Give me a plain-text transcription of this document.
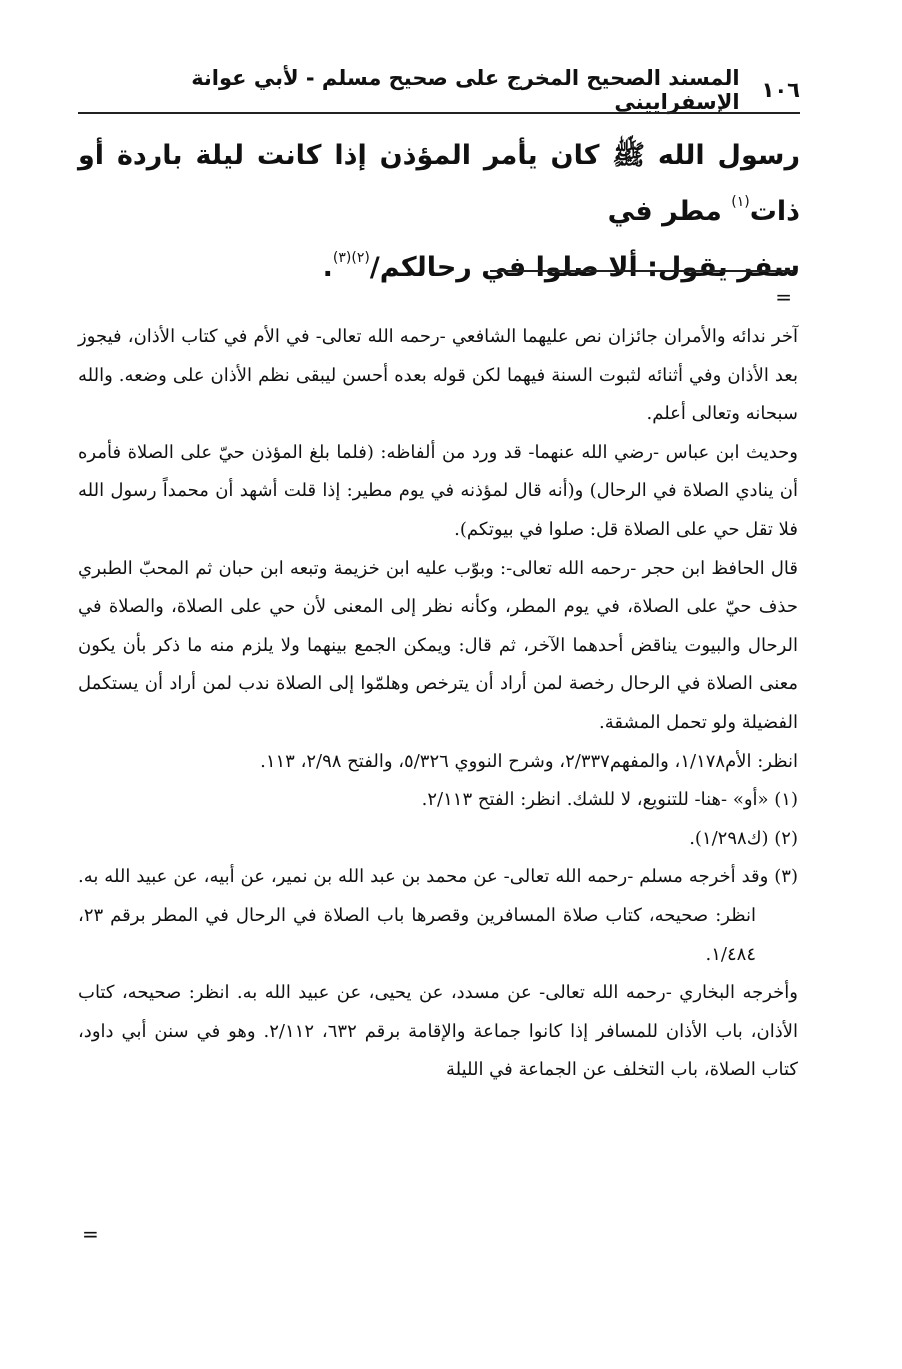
١٠٦
المسند الصحيح المخرج على صحيح مسلم - لأبي عوانة الإسفراييني
رسول الله ﷺ كان يأمر المؤذن إذا كانت ليلة باردة أو ذات$^{(١)}$ مطر في
سفر يقول: ألا صلوا في رحالكم/$^{(٢)(٣)}$.
=

آخر ندائه والأمران جائزان نص عليهما الشافعي -رحمه الله تعالى- في الأم في كتاب الأذان، فيجوز بعد الأذان وفي أثنائه لثبوت السنة فيهما لكن قوله بعده أحسن ليبقى نظم الأذان على وضعه. والله سبحانه وتعالى أعلم.

وحديث ابن عباس -رضي الله عنهما- قد ورد من ألفاظه: (فلما بلغ المؤذن حيّ على الصلاة فأمره أن ينادي الصلاة في الرحال) و(أنه قال لمؤذنه في يوم مطير: إذا قلت أشهد أن محمداً رسول الله فلا تقل حي على الصلاة قل: صلوا في بيوتكم).

قال الحافظ ابن حجر -رحمه الله تعالى-: وبوّب عليه ابن خزيمة وتبعه ابن حبان ثم المحبّ الطبري حذف حيّ على الصلاة، في يوم المطر، وكأنه نظر إلى المعنى لأن حي على الصلاة، والصلاة في الرحال والبيوت يناقض أحدهما الآخر، ثم قال: ويمكن الجمع بينهما ولا يلزم منه ما ذكر بأن يكون معنى الصلاة في الرحال رخصة لمن أراد أن يترخص وهلمّوا إلى الصلاة ندب لمن أراد أن يستكمل الفضيلة ولو تحمل المشقة.

انظر: الأم١/١٧٨، والمفهم٢/٣٣٧، وشرح النووي ٥/٣٢٦، والفتح ٢/٩٨، ١١٣.

(١) «أو» -هنا- للتنويع، لا للشك. انظر: الفتح ٢/١١٣.

(٢) (ك١/٢٩٨).

(٣) وقد أخرجه مسلم -رحمه الله تعالى- عن محمد بن عبد الله بن نمير، عن أبيه، عن عبيد الله به. انظر: صحيحه، كتاب صلاة المسافرين وقصرها باب الصلاة في الرحال في المطر برقم ٢٣، ١/٤٨٤.

وأخرجه البخاري -رحمه الله تعالى- عن مسدد، عن يحيى، عن عبيد الله به. انظر: صحيحه، كتاب الأذان، باب الأذان للمسافر إذا كانوا جماعة والإقامة برقم ٦٣٢، ٢/١١٢. وهو في سنن أبي داود، كتاب الصلاة، باب التخلف عن الجماعة في الليلة

=
